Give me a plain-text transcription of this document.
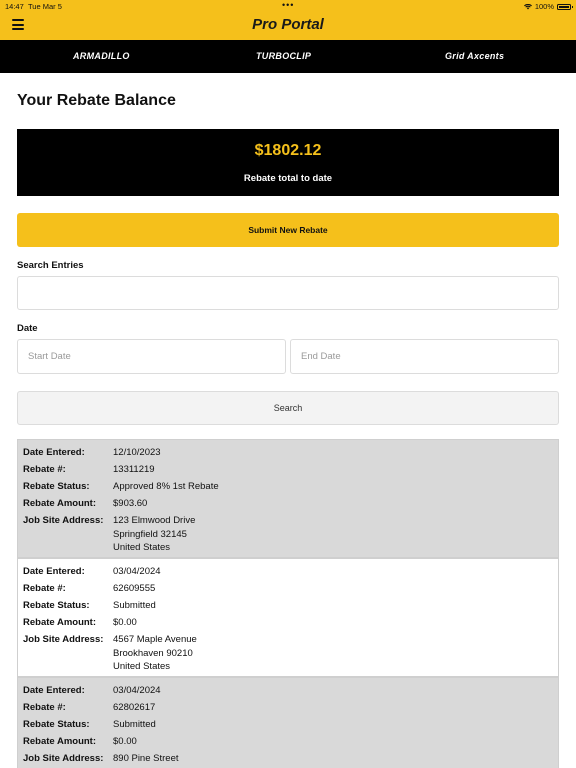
14:47 Tue Mar 5	•••	100%
Pro Portal
ARMADILLO	TURBOCLIP	Grid Axcents
Your Rebate Balance
$1802.12
Rebate total to date
Submit New Rebate
Search Entries
Date
Start Date
End Date
Search
Date Entered:	12/10/2023
Rebate #:	13311219
Rebate Status:	Approved 8% 1st Rebate
Rebate Amount:	$903.60
Job Site Address:	123 Elmwood Drive
Springfield 32145
United States
Date Entered:	03/04/2024
Rebate #:	62609555
Rebate Status:	Submitted
Rebate Amount:	$0.00
Job Site Address:	4567 Maple Avenue
Brookhaven 90210
United States
Date Entered:	03/04/2024
Rebate #:	62802617
Rebate Status:	Submitted
Rebate Amount:	$0.00
Job Site Address:	890 Pine Street
